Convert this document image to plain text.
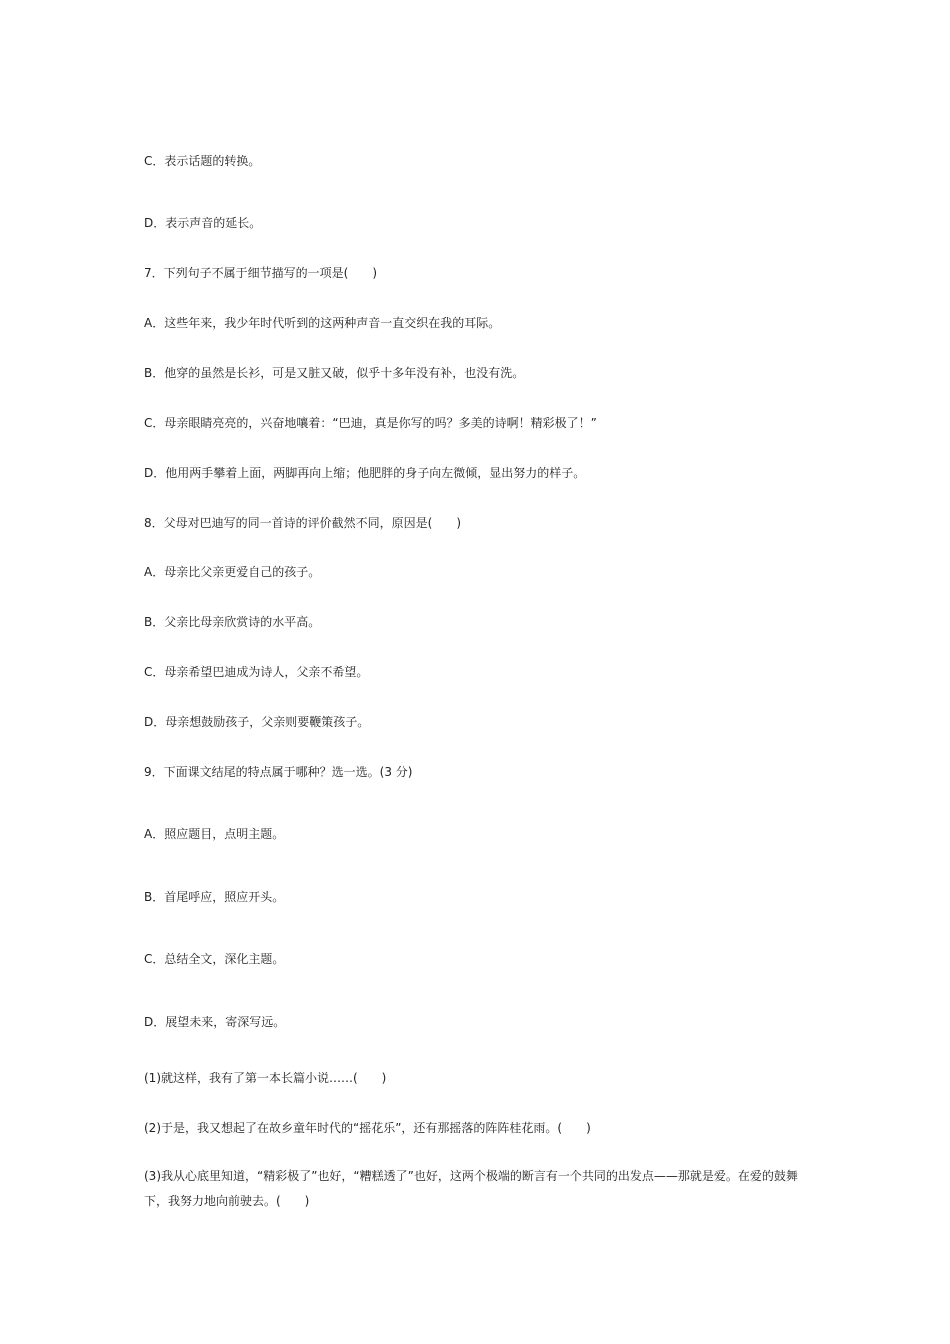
C．表示话题的转换。

D．表示声音的延长。

7．下列句子不属于细节描写的一项是(　　)

A．这些年来，我少年时代听到的这两种声音一直交织在我的耳际。

B．他穿的虽然是长衫，可是又脏又破，似乎十多年没有补，也没有洗。

C．母亲眼睛亮亮的，兴奋地嚷着：“巴迪，真是你写的吗？多美的诗啊！精彩极了！”

D．他用两手攀着上面，两脚再向上缩；他肥胖的身子向左微倾，显出努力的样子。

8．父母对巴迪写的同一首诗的评价截然不同，原因是(　　)

A．母亲比父亲更爱自己的孩子。

B．父亲比母亲欣赏诗的水平高。

C．母亲希望巴迪成为诗人，父亲不希望。

D．母亲想鼓励孩子，父亲则要鞭策孩子。

9．下面课文结尾的特点属于哪种？选一选。(3 分)

A．照应题目，点明主题。

B．首尾呼应，照应开头。

C．总结全文，深化主题。

D．展望未来，寄深写远。

(1)就这样，我有了第一本长篇小说……(　　)

(2)于是，我又想起了在故乡童年时代的“摇花乐”，还有那摇落的阵阵桂花雨。(　　)

(3)我从心底里知道，“精彩极了”也好，“糟糕透了”也好，这两个极端的断言有一个共同的出发点——那就是爱。在爱的鼓舞下，我努力地向前驶去。(　　)
